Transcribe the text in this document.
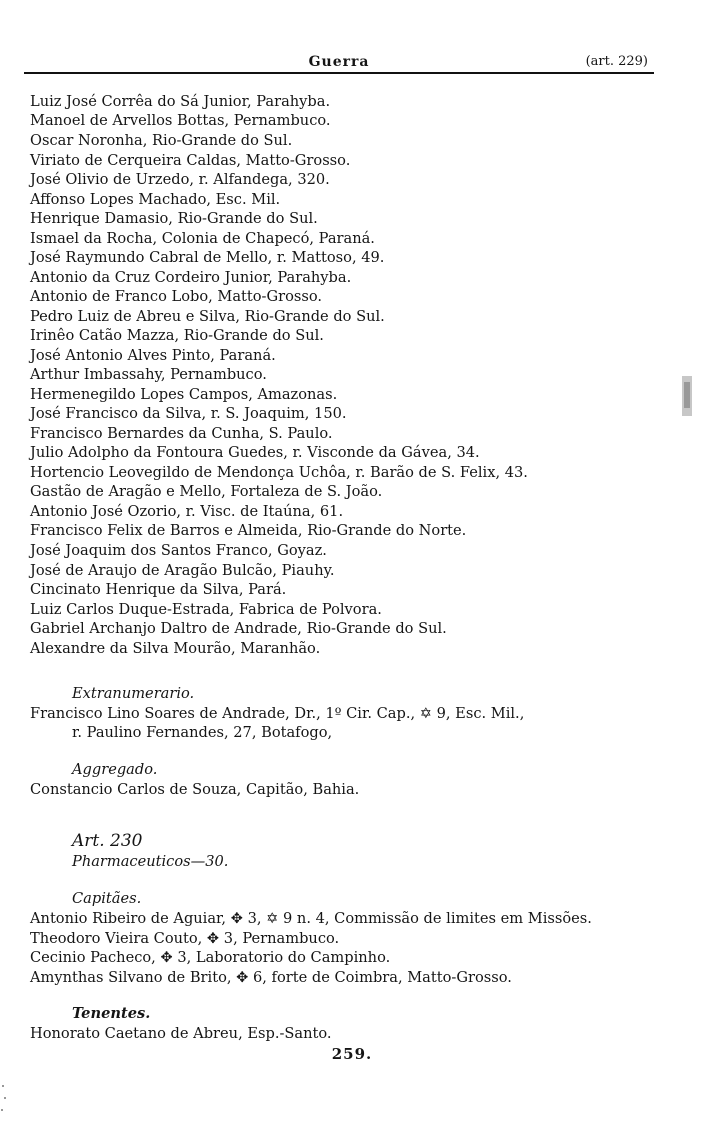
Guerra	(art. 229)
Luiz José Corrêa do Sá Junior, Parahyba.
Manoel de Arvellos Bottas, Pernambuco.
Oscar Noronha, Rio-Grande do Sul.
Viriato de Cerqueira Caldas, Matto-Grosso.
José Olivio de Urzedo, r. Alfandega, 320.
Affonso Lopes Machado, Esc. Mil.
Henrique Damasio, Rio-Grande do Sul.
Ismael da Rocha, Colonia de Chapecó, Paraná.
José Raymundo Cabral de Mello, r. Mattoso, 49.
Antonio da Cruz Cordeiro Junior, Parahyba.
Antonio de Franco Lobo, Matto-Grosso.
Pedro Luiz de Abreu e Silva, Rio-Grande do Sul.
Irinêo Catão Mazza, Rio-Grande do Sul.
José Antonio Alves Pinto, Paraná.
Arthur Imbassahy, Pernambuco.
Hermenegildo Lopes Campos, Amazonas.
José Francisco da Silva, r. S. Joaquim, 150.
Francisco Bernardes da Cunha, S. Paulo.
Julio Adolpho da Fontoura Guedes, r. Visconde da Gávea, 34.
Hortencio Leovegildo de Mendonça Uchôa, r. Barão de S. Felix, 43.
Gastão de Aragão e Mello, Fortaleza de S. João.
Antonio José Ozorio, r. Visc. de Itaúna, 61.
Francisco Felix de Barros e Almeida, Rio-Grande do Norte.
José Joaquim dos Santos Franco, Goyaz.
José de Araujo de Aragão Bulcão, Piauhy.
Cincinato Henrique da Silva, Pará.
Luiz Carlos Duque-Estrada, Fabrica de Polvora.
Gabriel Archanjo Daltro de Andrade, Rio-Grande do Sul.
Alexandre da Silva Mourão, Maranhão.
Extranumerario.
Francisco Lino Soares de Andrade, Dr., 1º Cir. Cap., ✡ 9, Esc. Mil.,
r. Paulino Fernandes, 27, Botafogo,
Aggregado.
Constancio Carlos de Souza, Capitão, Bahia.
Art. 230
Pharmaceuticos—30.
Capitães.
Antonio Ribeiro de Aguiar, ✥ 3, ✡ 9 n. 4, Commissão de limites em Missões.
Theodoro Vieira Couto, ✥ 3, Pernambuco.
Cecinio Pacheco, ✥ 3, Laboratorio do Campinho.
Amynthas Silvano de Brito, ✥ 6, forte de Coimbra, Matto-Grosso.
Tenentes.
Honorato Caetano de Abreu, Esp.-Santo.
259.
